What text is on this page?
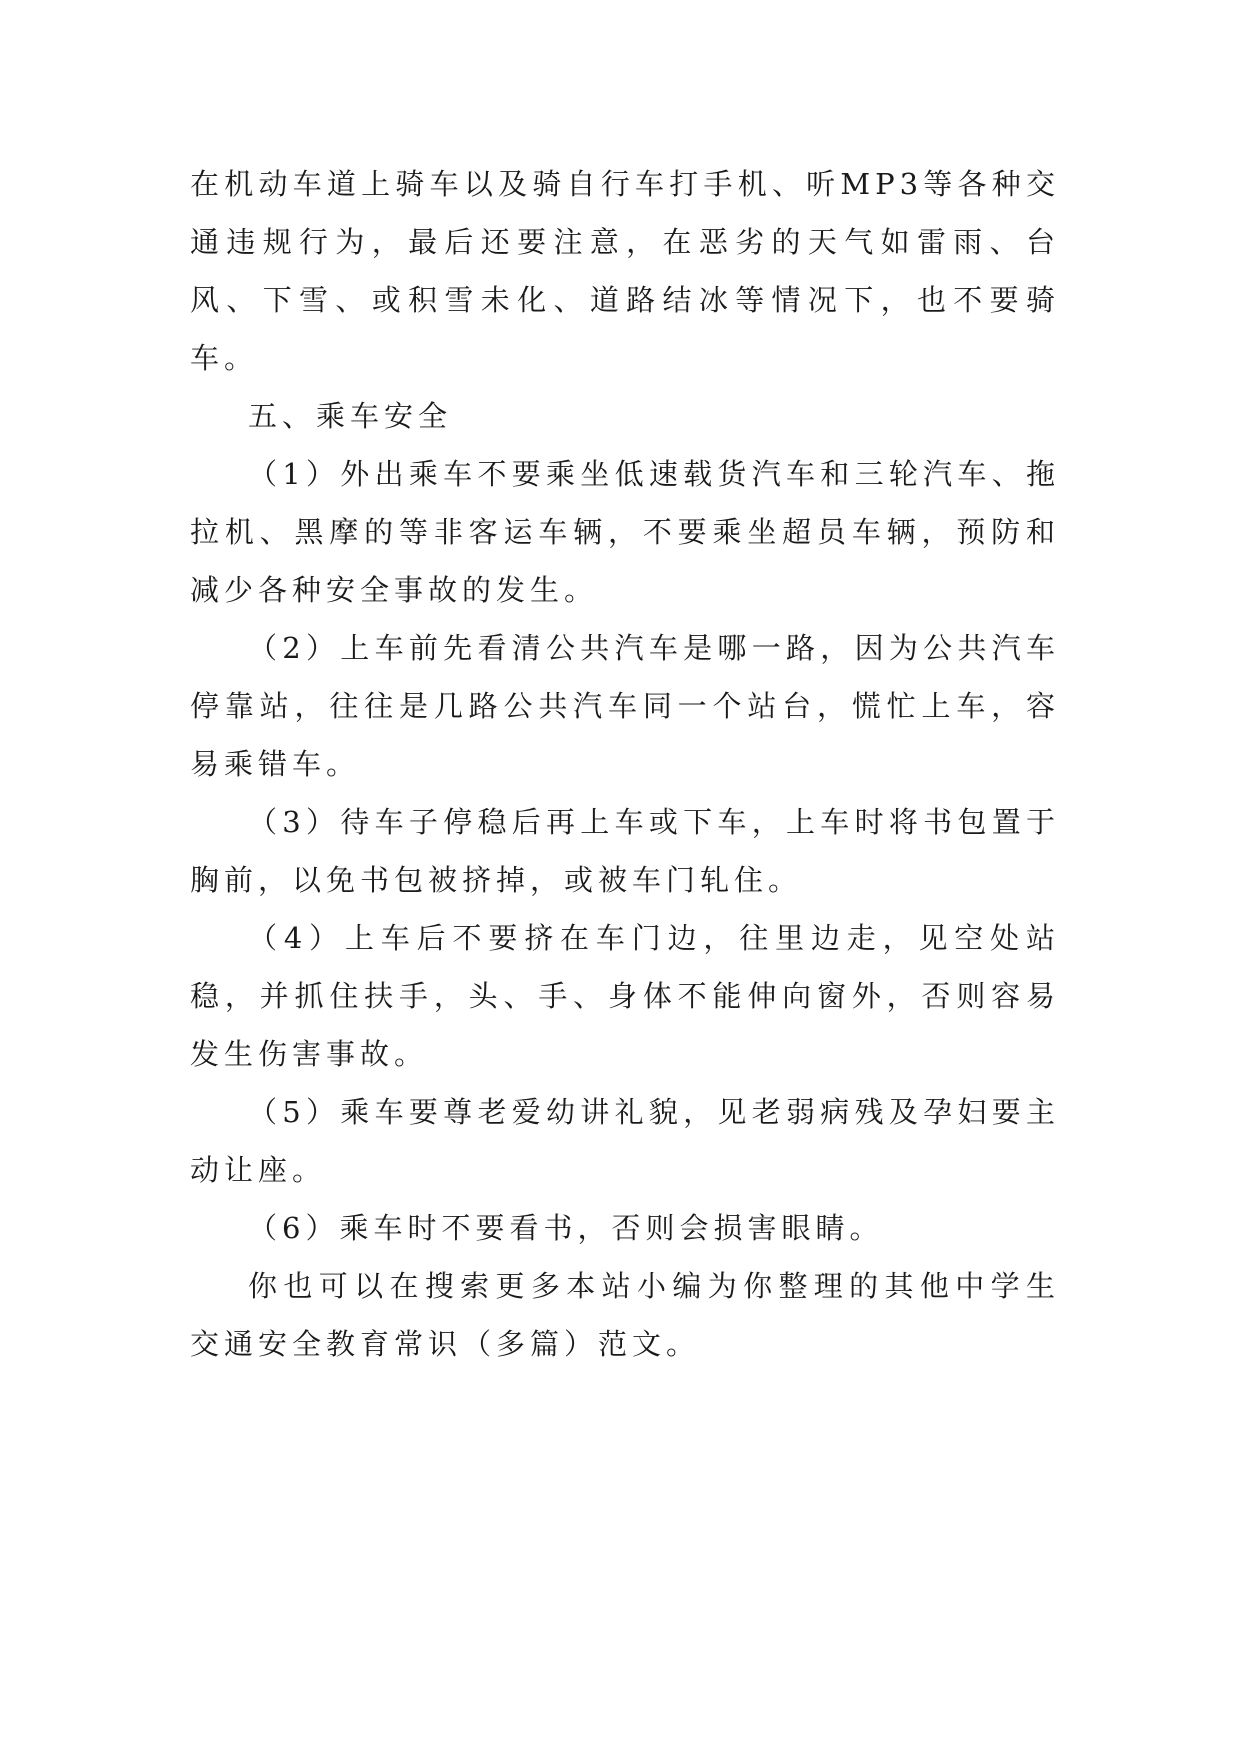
在机动车道上骑车以及骑自行车打手机、听MP3等各种交通违规行为，最后还要注意，在恶劣的天气如雷雨、台风、下雪、或积雪未化、道路结冰等情况下，也不要骑车。

五、乘车安全

（1）外出乘车不要乘坐低速载货汽车和三轮汽车、拖拉机、黑摩的等非客运车辆，不要乘坐超员车辆，预防和减少各种安全事故的发生。

（2）上车前先看清公共汽车是哪一路，因为公共汽车停靠站，往往是几路公共汽车同一个站台，慌忙上车，容易乘错车。

（3）待车子停稳后再上车或下车，上车时将书包置于胸前，以免书包被挤掉，或被车门轧住。

（4）上车后不要挤在车门边，往里边走，见空处站稳，并抓住扶手，头、手、身体不能伸向窗外，否则容易发生伤害事故。

（5）乘车要尊老爱幼讲礼貌，见老弱病残及孕妇要主动让座。

（6）乘车时不要看书，否则会损害眼睛。

你也可以在搜索更多本站小编为你整理的其他中学生交通安全教育常识（多篇）范文。
